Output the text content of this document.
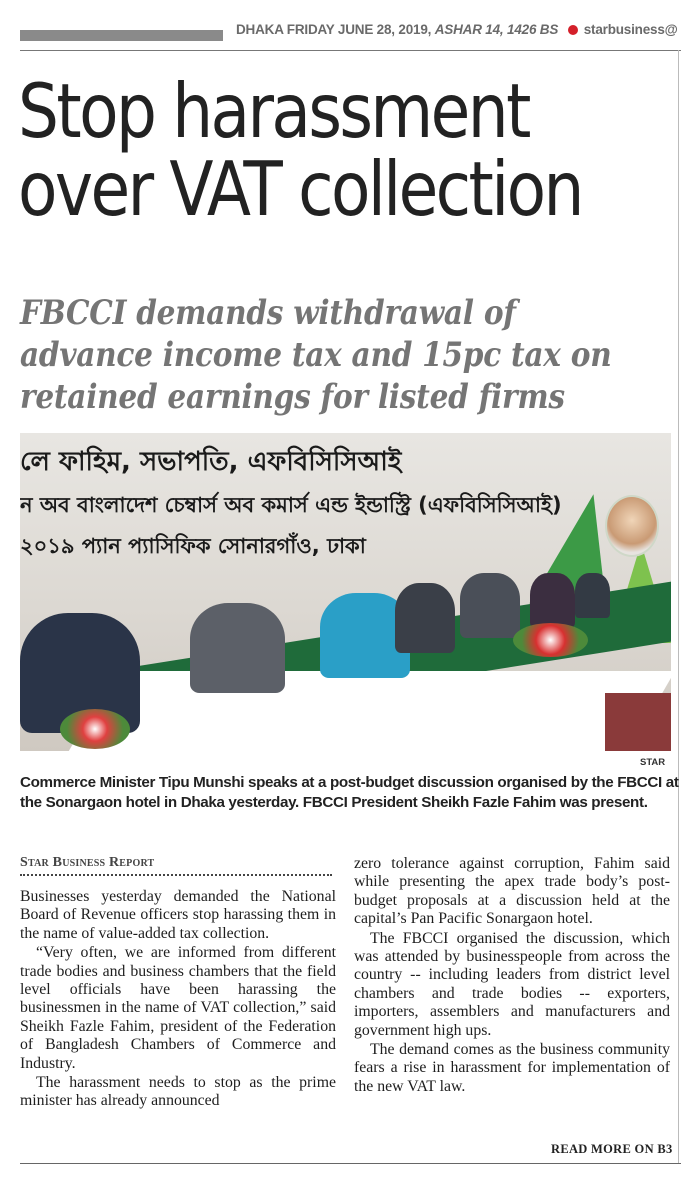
DHAKA FRIDAY JUNE 28, 2019, ASHAR 14, 1426 BS starbusiness@
Stop harassment
over VAT collection
FBCCI demands withdrawal of
advance income tax and 15pc tax on
retained earnings for listed firms
লে ফাহিম, সভাপতি, এফবিসিসিআই
ন অব বাংলাদেশ চেম্বার্স অব কমার্স এন্ড ইন্ডাস্ট্রি (এফবিসিসিআই)
২০১৯ প্যান প্যাসিফিক সোনারগাঁও, ঢাকা
STAR
Commerce Minister Tipu Munshi speaks at a post-budget discussion organised by the FBCCI at the Sonargaon hotel in Dhaka yesterday. FBCCI President Sheikh Fazle Fahim was present.
Star Business Report

Businesses yesterday demanded the National Board of Revenue officers stop harassing them in the name of value-added tax collection.

“Very often, we are informed from different trade bodies and business chambers that the field level officials have been harassing the businessmen in the name of VAT collection,” said Sheikh Fazle Fahim, president of the Federation of Bangladesh Chambers of Commerce and Industry.

The harassment needs to stop as the prime minister has already announced

zero tolerance against corruption, Fahim said while presenting the apex trade body’s post-budget proposals at a discussion held at the capital’s Pan Pacific Sonargaon hotel.

The FBCCI organised the discussion, which was attended by businesspeople from across the country -- including leaders from district level chambers and trade bodies -- exporters, importers, assemblers and manufacturers and government high ups.

The demand comes as the business community fears a rise in harassment for implementation of the new VAT law.

READ MORE ON B3
